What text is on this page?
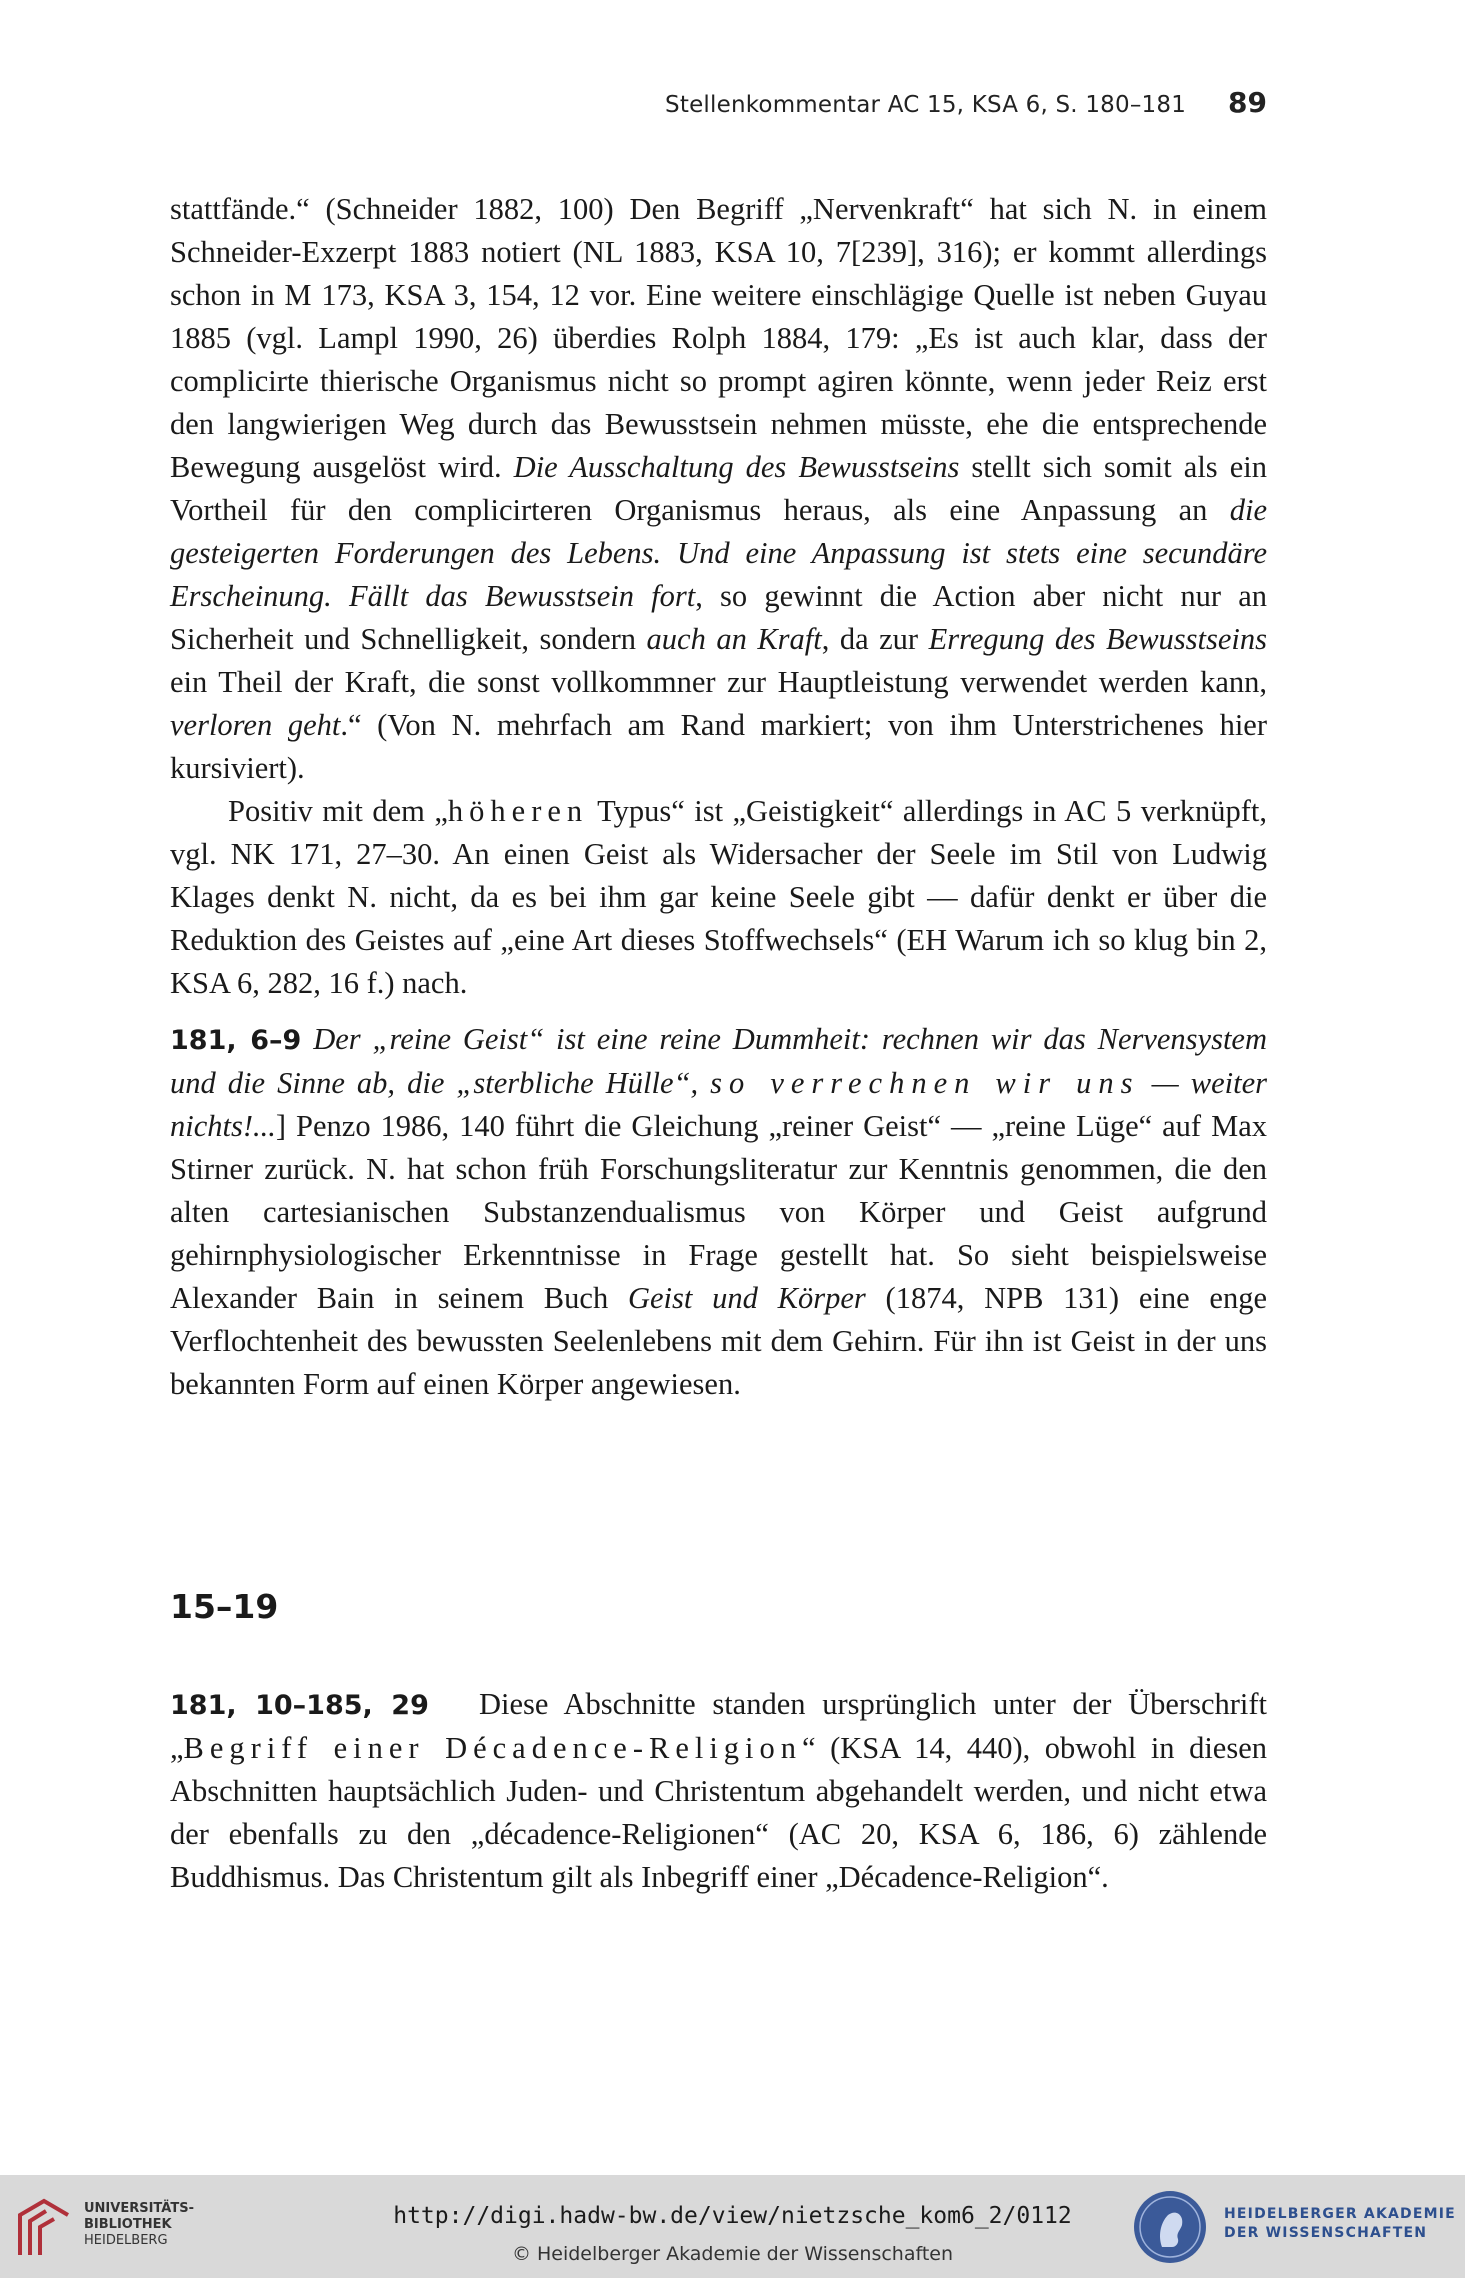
Stellenkommentar AC 15, KSA 6, S. 180–181 89

stattfände.“ (Schneider 1882, 100) Den Begriff „Nervenkraft“ hat sich N. in einem Schneider-Exzerpt 1883 notiert (NL 1883, KSA 10, 7[239], 316); er kommt allerdings schon in M 173, KSA 3, 154, 12 vor. Eine weitere einschlägige Quelle ist neben Guyau 1885 (vgl. Lampl 1990, 26) überdies Rolph 1884, 179: „Es ist auch klar, dass der complicirte thierische Organismus nicht so prompt agiren könnte, wenn jeder Reiz erst den langwierigen Weg durch das Bewusstsein nehmen müsste, ehe die entsprechende Bewegung ausgelöst wird. Die Ausschaltung des Bewusstseins stellt sich somit als ein Vortheil für den complicirteren Organismus heraus, als eine Anpassung an die gesteigerten Forderungen des Lebens. Und eine Anpassung ist stets eine secundäre Erscheinung. Fällt das Bewusstsein fort, so gewinnt die Action aber nicht nur an Sicherheit und Schnelligkeit, sondern auch an Kraft, da zur Erregung des Bewusstseins ein Theil der Kraft, die sonst vollkommner zur Hauptleistung verwendet werden kann, verloren geht.“ (Von N. mehrfach am Rand markiert; von ihm Unterstrichenes hier kursiviert).

Positiv mit dem „höheren Typus“ ist „Geistigkeit“ allerdings in AC 5 verknüpft, vgl. NK 171, 27–30. An einen Geist als Widersacher der Seele im Stil von Ludwig Klages denkt N. nicht, da es bei ihm gar keine Seele gibt — dafür denkt er über die Reduktion des Geistes auf „eine Art dieses Stoffwechsels“ (EH Warum ich so klug bin 2, KSA 6, 282, 16 f.) nach.

181, 6–9 Der „reine Geist“ ist eine reine Dummheit: rechnen wir das Nervensystem und die Sinne ab, die „sterbliche Hülle“, so verrechnen wir uns — weiter nichts!...] Penzo 1986, 140 führt die Gleichung „reiner Geist“ — „reine Lüge“ auf Max Stirner zurück. N. hat schon früh Forschungsliteratur zur Kenntnis genommen, die den alten cartesianischen Substanzendualismus von Körper und Geist aufgrund gehirnphysiologischer Erkenntnisse in Frage gestellt hat. So sieht beispielsweise Alexander Bain in seinem Buch Geist und Körper (1874, NPB 131) eine enge Verflochtenheit des bewussten Seelenlebens mit dem Gehirn. Für ihn ist Geist in der uns bekannten Form auf einen Körper angewiesen.

15–19

181, 10–185, 29 Diese Abschnitte standen ursprünglich unter der Überschrift „Begriff einer Décadence-Religion“ (KSA 14, 440), obwohl in diesen Abschnitten hauptsächlich Juden- und Christentum abgehandelt werden, und nicht etwa der ebenfalls zu den „décadence-Religionen“ (AC 20, KSA 6, 186, 6) zählende Buddhismus. Das Christentum gilt als Inbegriff einer „Décadence-Religion“.

UNIVERSITÄTS-
BIBLIOTHEK
HEIDELBERG
http://digi.hadw-bw.de/view/nietzsche_kom6_2/0112
© Heidelberger Akademie der Wissenschaften
HEIDELBERGER AKADEMIE
DER WISSENSCHAFTEN
